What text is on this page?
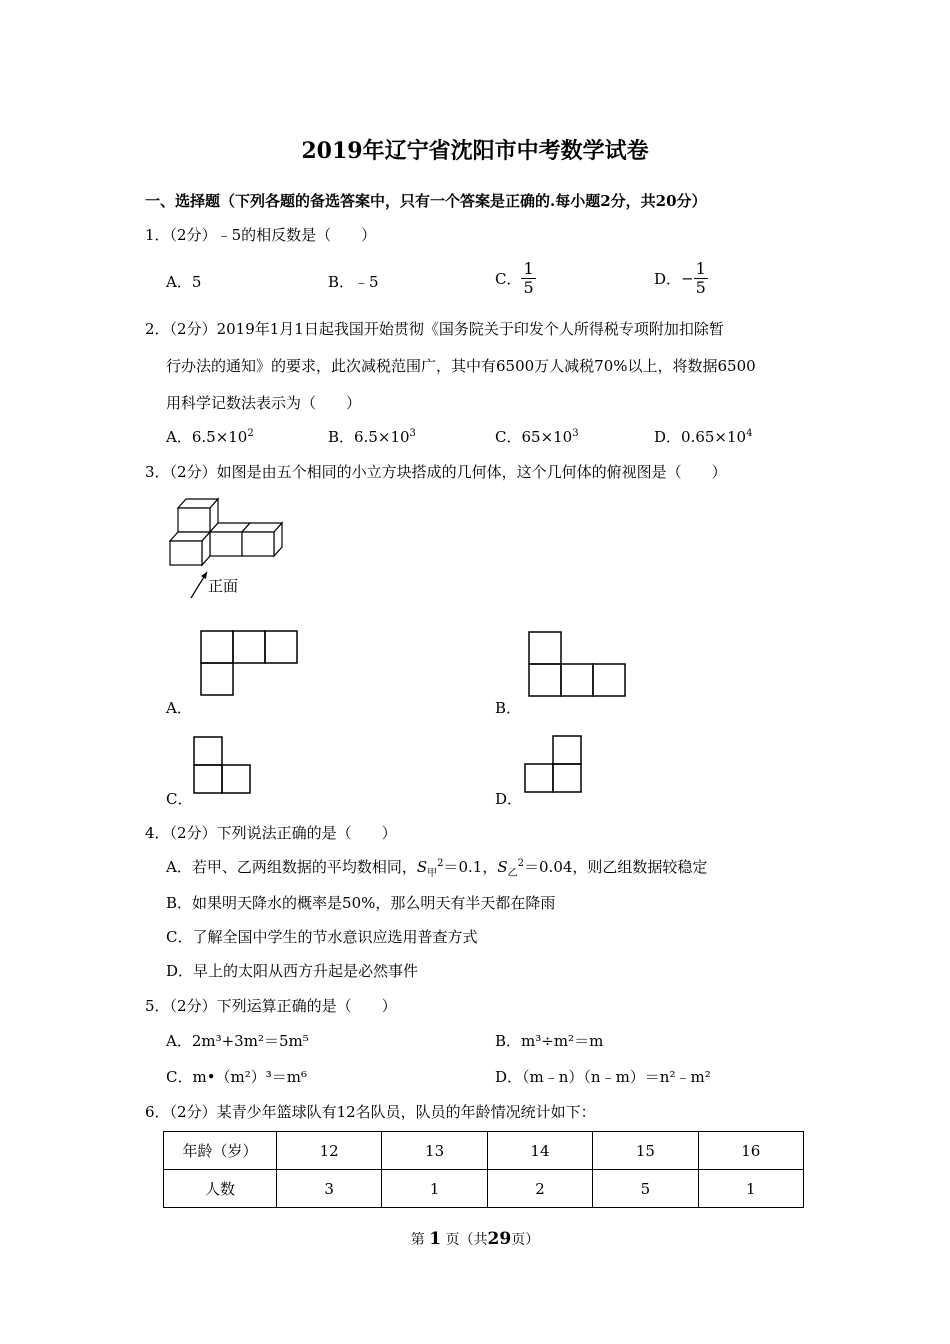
2019年辽宁省沈阳市中考数学试卷
一、选择题（下列各题的备选答案中，只有一个答案是正确的.每小题2分，共20分）
1．（2分）﹣5的相反数是（　　）
A．5	B．﹣5	C． $\frac{1}{5}$	D．− $\frac{1}{5}$
2．（2分）2019年1月1日起我国开始贯彻《国务院关于印发个人所得税专项附加扣除暂
行办法的通知》的要求，此次减税范围广，其中有6500万人减税70%以上，将数据6500
用科学记数法表示为（　　）
A．$6.5\times 10^2$	B．$6.5\times 10^3$	C．$65\times 10^3$	D．$0.65\times 10^4$
3．（2分）如图是由五个相同的小立方块搭成的几何体，这个几何体的俯视图是（　　）
正面
A．	B．
C．	D．
4．（2分）下列说法正确的是（　　）
A．若甲、乙两组数据的平均数相同，$S_甲^2=0.1$，$S_乙^2=0.04$，则乙组数据较稳定
B．如果明天降水的概率是50%，那么明天有半天都在降雨
C．了解全国中学生的节水意识应选用普查方式
D．早上的太阳从西方升起是必然事件
5．（2分）下列运算正确的是（　　）
A．2m³+3m²＝5m⁵	B．m³÷m²＝m
C．m•（m²）³＝m⁶	D．（m﹣n）（n﹣m）＝n²﹣m²
6．（2分）某青少年篮球队有12名队员，队员的年龄情况统计如下：
年龄（岁）	12	13	14	15	16
人数	3	1	2	5	1
第 1 页（共29页）
